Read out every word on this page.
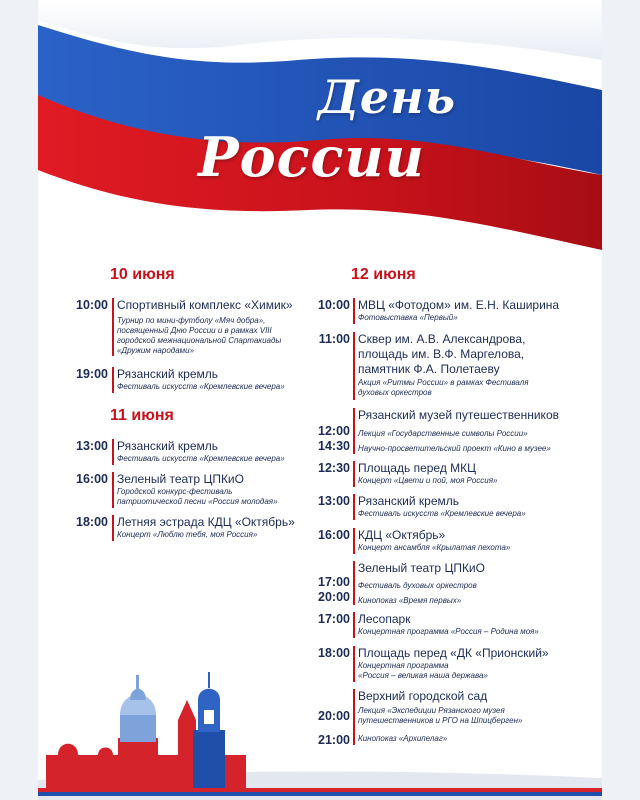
День
России
10 июня
10:00 Спортивный комплекс «Химик»
Турнир по мини-футболу «Мяч добра»,
посвященный Дню России и в рамках VIII
городской межнациональной Спартакиады
«Дружим народами»
19:00 Рязанский кремль
Фестиваль искусств «Кремлевские вечера»
11 июня
13:00 Рязанский кремль
Фестиваль искусств «Кремлевские вечера»
16:00 Зеленый театр ЦПКиО
Городской конкурс-фестиваль
патриотической песни «Россия молодая»
18:00 Летняя эстрада КДЦ «Октябрь»
Концерт «Люблю тебя, моя Россия»
12 июня
10:00 МВЦ «Фотодом» им. Е.Н. Каширина
Фотовыставка «Первый»
11:00 Сквер им. А.В. Александрова,
площадь им. В.Ф. Маргелова,
памятник Ф.А. Полетаеву
Акция «Ритмы России» в рамках Фестиваля
духовых оркестров
12:00
14:30
Рязанский музей путешественников
Лекция «Государственные символы России»
Научно-просветительский проект «Кино в музее»
12:30 Площадь перед МКЦ
Концерт «Цвети и пой, моя Россия»
13:00 Рязанский кремль
Фестиваль искусств «Кремлевские вечера»
16:00 КДЦ «Октябрь»
Концерт ансамбля «Крылатая пехота»
17:00
20:00
Зеленый театр ЦПКиО
Фестиваль духовых оркестров
Кинопоказ «Время первых»
17:00 Лесопарк
Концертная программа «Россия – Родина моя»
18:00 Площадь перед «ДК «Прионский»
Концертная программа
«Россия – великая наша держава»
20:00
21:00
Верхний городской сад
Лекция «Экспедиции Рязанского музея
путешественников и РГО на Шпицберген»
Кинопоказ «Архипелаг»
